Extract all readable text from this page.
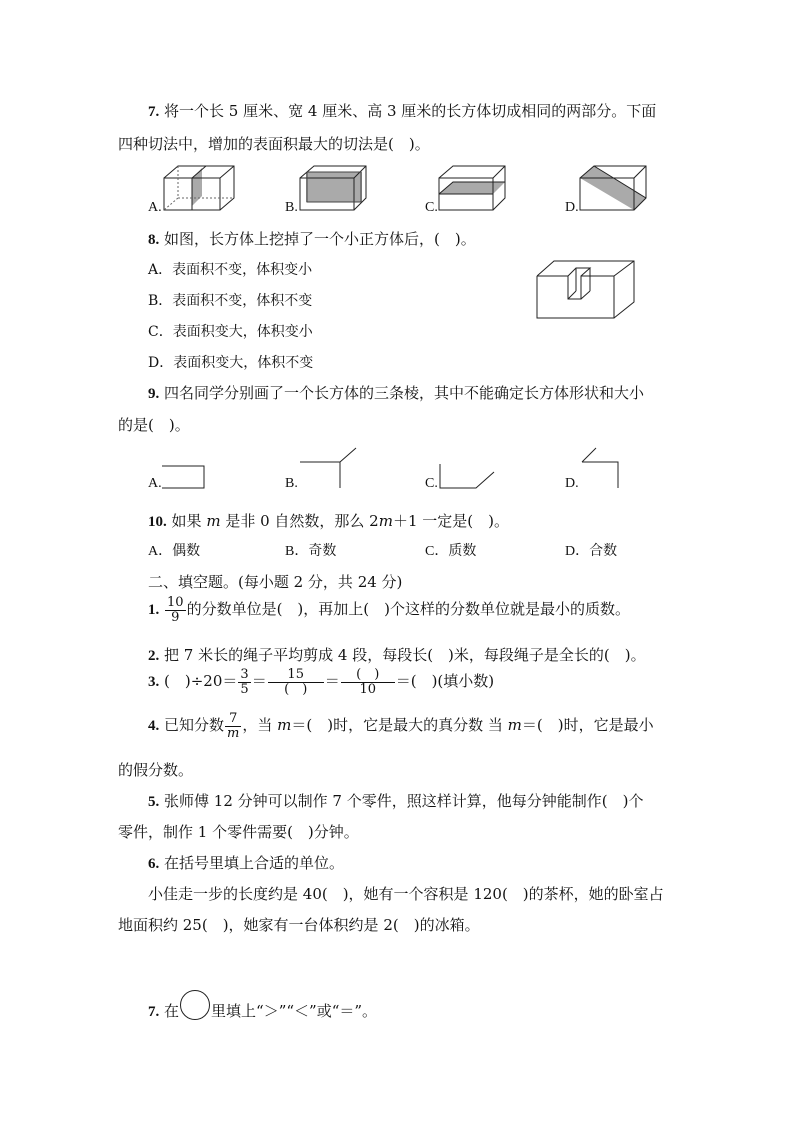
7. 将一个长 5 厘米、宽 4 厘米、高 3 厘米的长方体切成相同的两部分。下面
四种切法中，增加的表面积最大的切法是(　)。
A.	B.	C.	D.
8. 如图，长方体上挖掉了一个小正方体后，(　)。
A．表面积不变，体积变小
B．表面积不变，体积不变
C．表面积变大，体积变小
D．表面积变大，体积不变
9. 四名同学分别画了一个长方体的三条棱，其中不能确定长方体形状和大小
的是(　)。
A.	B.	C.	D.
10. 如果 m 是非 0 自然数，那么 2m＋1 一定是(　)。
A．偶数	B．奇数	C．质数	D．合数
二、填空题。(每小题 2 分，共 24 分)
1. $\frac{10}{9}$ 的分数单位是(　)，再加上(　)个这样的分数单位就是最小的质数。
2. 把 7 米长的绳子平均剪成 4 段，每段长(　)米，每段绳子是全长的(　)。
3. (　)$\div 20= \frac{3}{5} = \frac{15}{( )} = \frac{( )}{10}$ ＝(　)(填小数)
4. 已知分数 $\frac{7}{m}$ ，当 m＝(　)时，它是最大的真分数 当 m＝(　)时，它是最小
的假分数。
5. 张师傅 12 分钟可以制作 7 个零件，照这样计算，他每分钟能制作(　)个
零件，制作 1 个零件需要(　)分钟。
6. 在括号里填上合适的单位。
小佳走一步的长度约是 40(　)，她有一个容积是 120(　)的茶杯，她的卧室占
地面积约 25(　)，她家有一台体积约是 2(　)的冰箱。
7. 在 里填上“＞”“＜”或“＝”。
